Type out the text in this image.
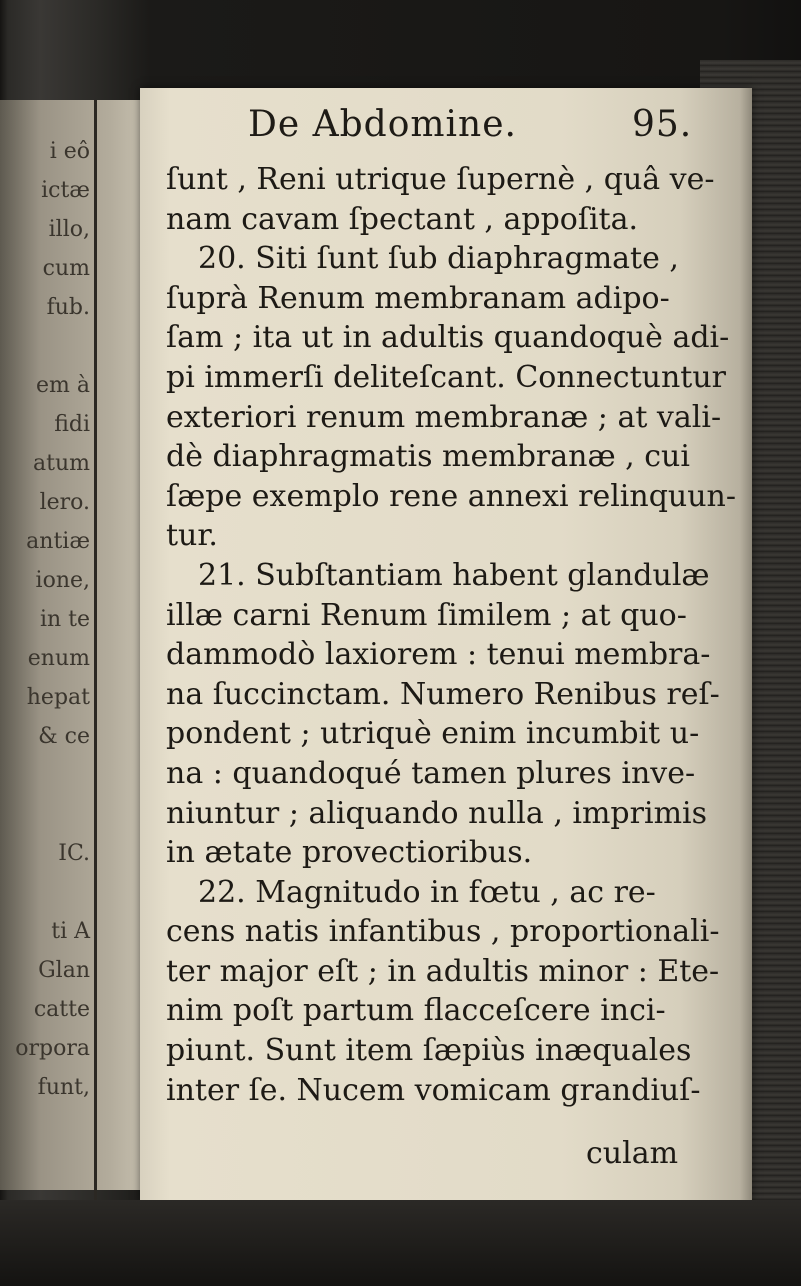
i eô
ictæ
illo,
cum
fub.
em à
fidi
atum
lero.
antiæ
ione,
in te
enum
hepat
& ce
IC.
ti A
Glan
catte
orpora
funt,
De Abdomine.	95.
ſunt , Reni utrique ſupernè , quâ ve-
nam cavam ſpectant , appoſita.
20. Siti ſunt ſub diaphragmate ,
ſuprà Renum membranam adipo-
ſam ; ita ut in adultis quandoquè adi-
pi immerſi deliteſcant. Connectuntur
exteriori renum membranæ ; at vali-
dè diaphragmatis membranæ , cui
ſæpe exemplo rene annexi relinquun-
tur.
21. Subſtantiam habent glandulæ
illæ carni Renum ſimilem ; at quo-
dammodò laxiorem : tenui membra-
na ſuccinctam. Numero Renibus reſ-
pondent ; utriquè enim incumbit u-
na : quandoqué tamen plures inve-
niuntur ; aliquando nulla , imprimis
in ætate provectioribus.
22. Magnitudo in fœtu , ac re-
cens natis infantibus , proportionali-
ter major eſt ; in adultis minor : Ete-
nim poſt partum flacceſcere inci-
piunt. Sunt item ſæpiùs inæquales
inter ſe. Nucem vomicam grandiuſ-
culam
